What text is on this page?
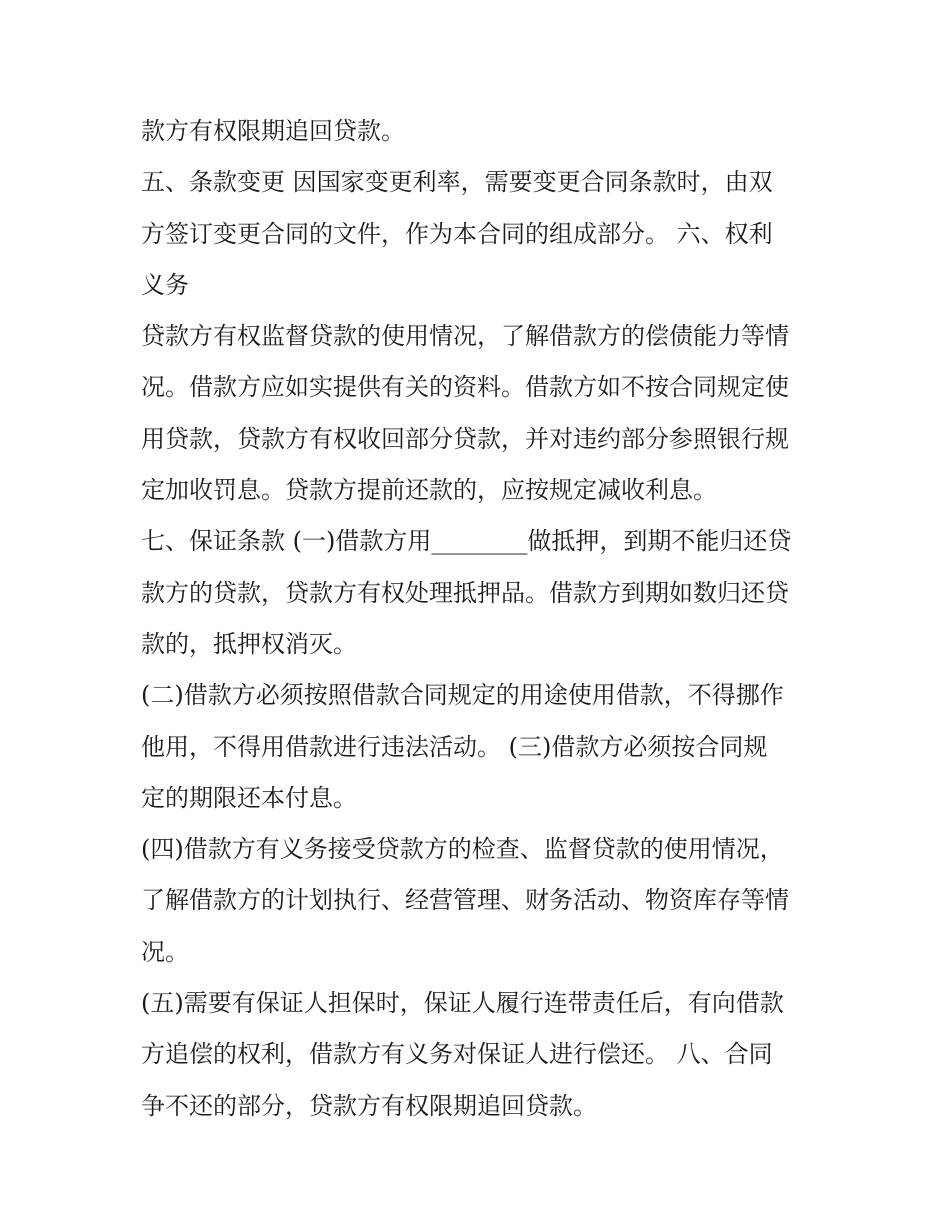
款方有权限期追回贷款。
五、条款变更 因国家变更利率，需要变更合同条款时，由双
方签订变更合同的文件，作为本合同的组成部分。 六、权利
义务
贷款方有权监督贷款的使用情况，了解借款方的偿债能力等情
况。借款方应如实提供有关的资料。借款方如不按合同规定使
用贷款，贷款方有权收回部分贷款，并对违约部分参照银行规
定加收罚息。贷款方提前还款的，应按规定减收利息。
七、保证条款 (一)借款方用________做抵押，到期不能归还贷
款方的贷款，贷款方有权处理抵押品。借款方到期如数归还贷
款的，抵押权消灭。
(二)借款方必须按照借款合同规定的用途使用借款，不得挪作
他用，不得用借款进行违法活动。 (三)借款方必须按合同规
定的期限还本付息。
(四)借款方有义务接受贷款方的检查、监督贷款的使用情况，
了解借款方的计划执行、经营管理、财务活动、物资库存等情
况。
(五)需要有保证人担保时，保证人履行连带责任后，有向借款
方追偿的权利，借款方有义务对保证人进行偿还。 八、合同
争不还的部分，贷款方有权限期追回贷款。
